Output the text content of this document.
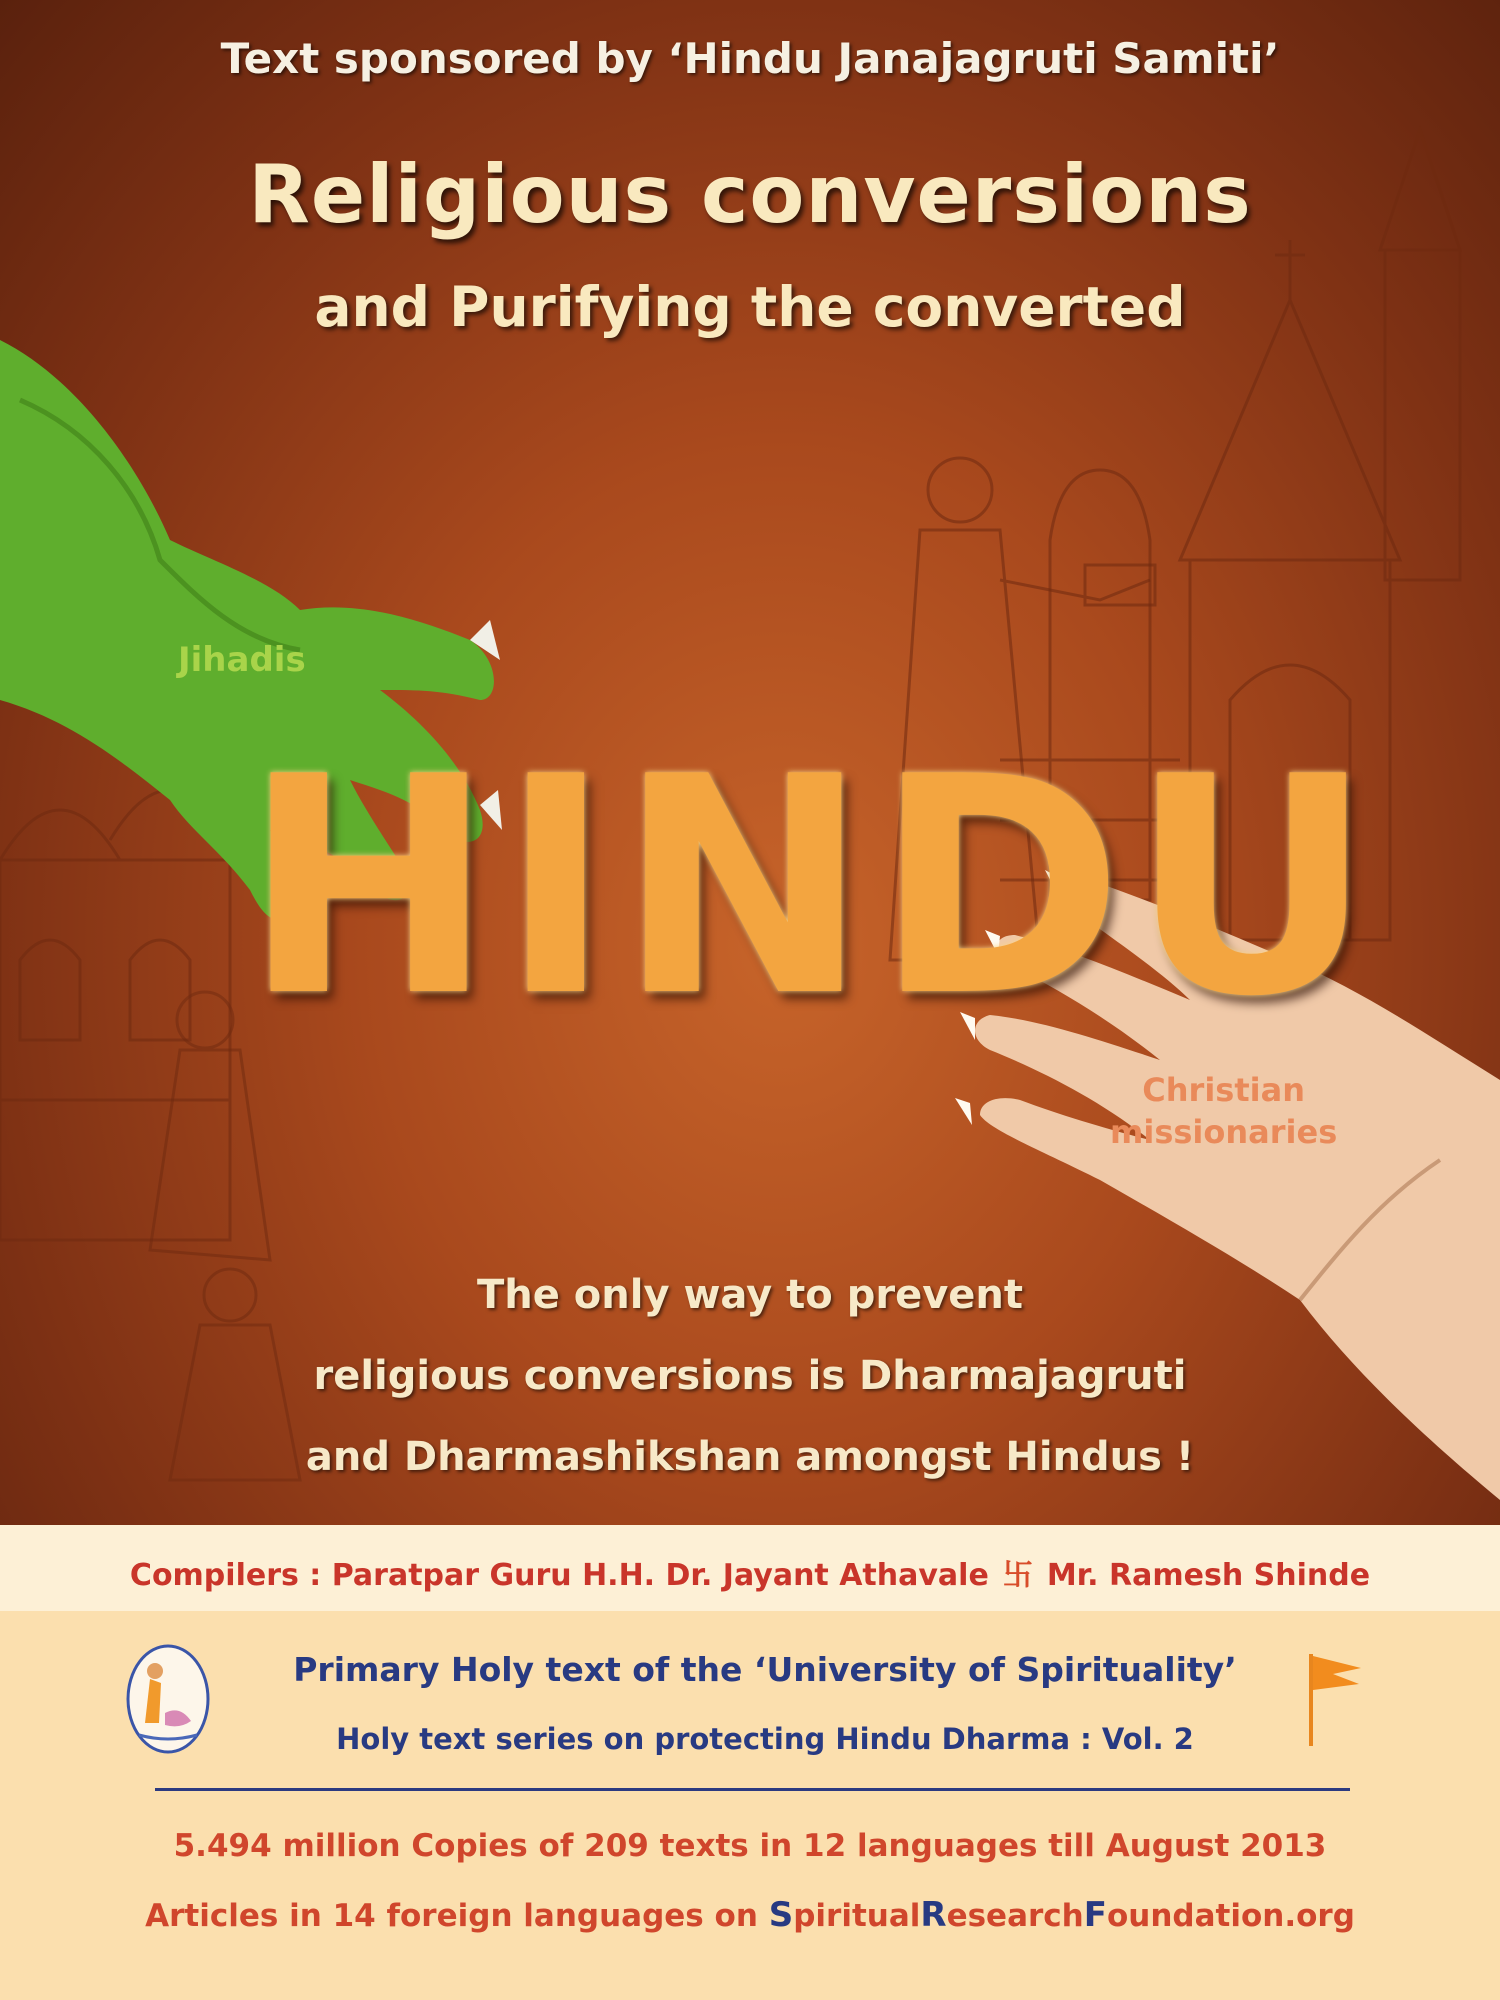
Text sponsored by ‘Hindu Janajagruti Samiti’
Religious conversions
and Purifying the converted
HINDU
Jihadis
Christian
missionaries
The only way to prevent
religious conversions is Dharmajagruti
and Dharmashikshan amongst Hindus !
Compilers : Paratpar Guru H.H. Dr. Jayant Athavale 卐 Mr. Ramesh Shinde
Primary Holy text of the ‘University of Spirituality’
Holy text series on protecting Hindu Dharma : Vol. 2
5.494 million Copies of 209 texts in 12 languages till August 2013
Articles in 14 foreign languages on SpiritualResearchFoundation.org
